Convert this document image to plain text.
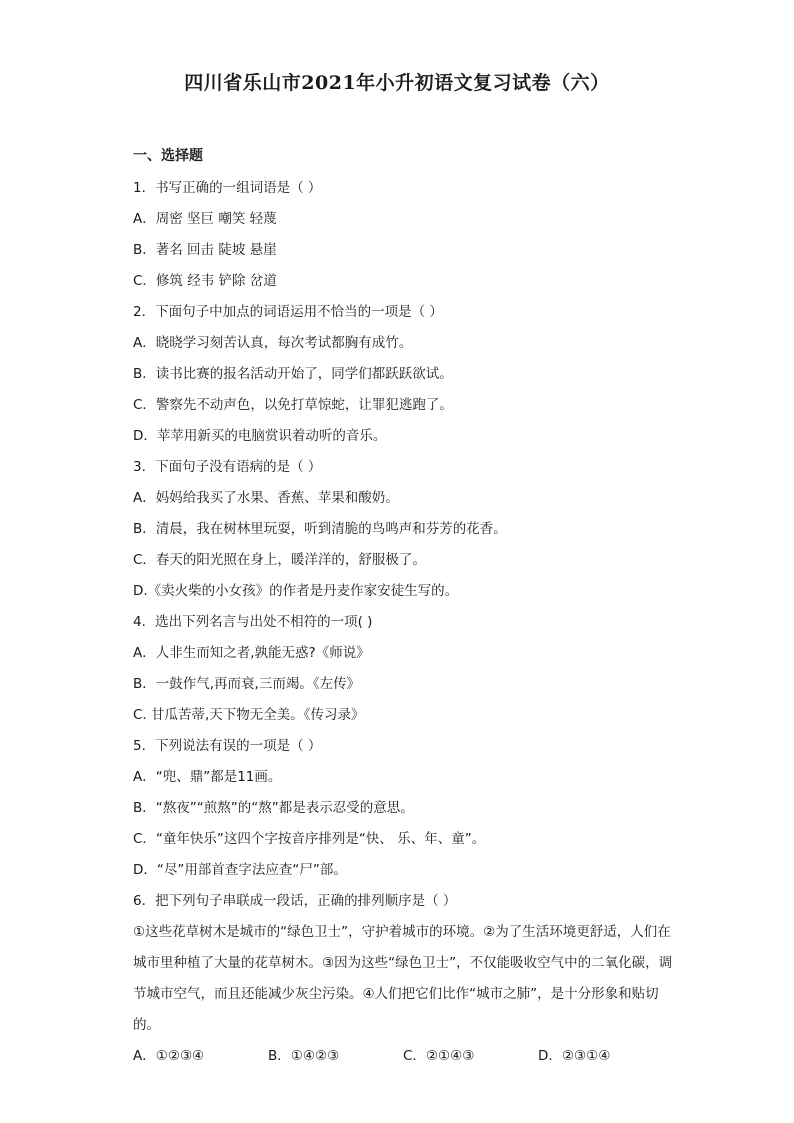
四川省乐山市2021年小升初语文复习试卷（六）
一、选择题
1．书写正确的一组词语是（ ）
A．周密 坚巨 嘲笑 轻蔑
B．著名 回击 陡坡 悬崖
C．修筑 经韦 铲除 岔道
2．下面句子中加点的词语运用不恰当的一项是（ ）
A．晓晓学习刻苦认真，每次考试都胸有成竹。
B．读书比赛的报名活动开始了，同学们都跃跃欲试。
C．警察先不动声色，以免打草惊蛇，让罪犯逃跑了。
D．苹苹用新买的电脑赏识着动听的音乐。
3．下面句子没有语病的是（ ）
A．妈妈给我买了水果、香蕉、苹果和酸奶。
B．清晨，我在树林里玩耍，听到清脆的鸟鸣声和芬芳的花香。
C．春天的阳光照在身上，暖洋洋的，舒服极了。
D.《卖火柴的小女孩》的作者是丹麦作家安徒生写的。
4．选出下列名言与出处不相符的一项( )
A．人非生而知之者,孰能无惑?《师说》
B．一鼓作气,再而衰,三而竭。《左传》
C. 甘瓜苦蒂,天下物无全美。《传习录》
5．下列说法有误的一项是（ ）
A．“兜、鼎”都是11画。
B．“熬夜”“煎熬”的“熬”都是表示忍受的意思。
C．“童年快乐”这四个字按音序排列是“快、 乐、年、童”。
D．“尽”用部首查字法应查“尸”部。
6．把下列句子串联成一段话，正确的排列顺序是（ ）
①这些花草树木是城市的“绿色卫士”，守护着城市的环境。②为了生活环境更舒适，人们在城市里种植了大量的花草树木。③因为这些“绿色卫士”，不仅能吸收空气中的二氧化碳，调节城市空气，而且还能减少灰尘污染。④人们把它们比作“城市之肺”，是十分形象和贴切的。
A．①②③④	B．①④②③	C．②①④③	D．②③①④
